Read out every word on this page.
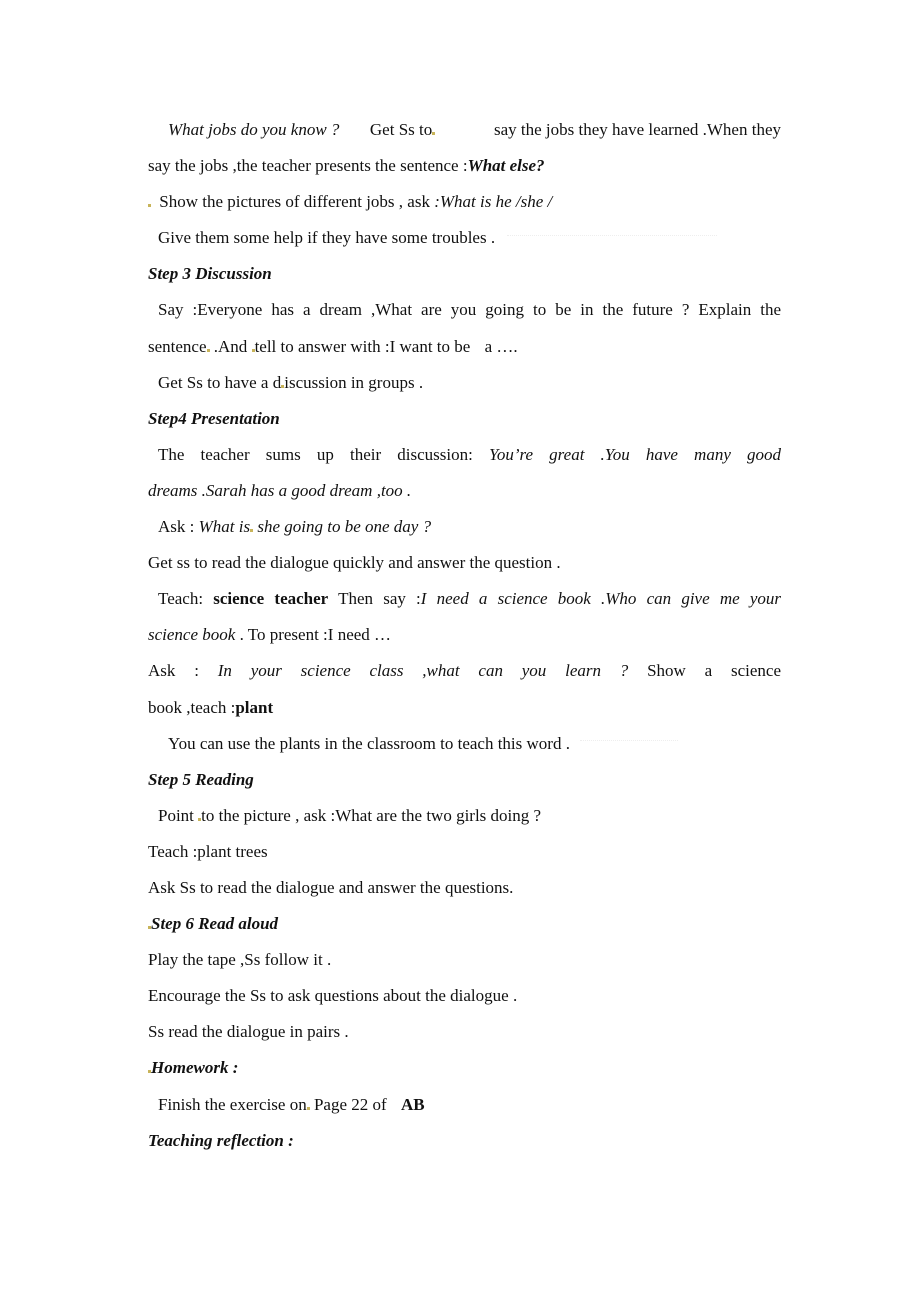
What jobs do you know ? Get Ss to	say the jobs they have learned .When they
say the jobs ,the teacher presents the sentence :What else?
Show the pictures of different jobs , ask :What is he /she /
Give them some help if they have some troubles .
Step 3 Discussion
Say :Everyone has a dream ,What are you going to be in the future ? Explain the
sentence .And tell to answer with :I want to be a ….
Get Ss to have a d iscussion in groups .
Step4 Presentation
The teacher sums up their discussion: You’re great .You have many good
dreams .Sarah has a good dream ,too .
Ask : What is she going to be one day ?
Get ss to read the dialogue quickly and answer the question .
Teach: science teacher Then say :I need a science book .Who can give me your
science book . To present :I need …
Ask : In your science class ,what can you learn ? Show a science
book ,teach :plant
You can use the plants in the classroom to teach this word .
Step 5 Reading
Point to the picture , ask :What are the two girls doing ?
Teach :plant trees
Ask Ss to read the dialogue and answer the questions.
Step 6 Read aloud
Play the tape ,Ss follow it .
Encourage the Ss to ask questions about the dialogue .
Ss read the dialogue in pairs .
Homework :
Finish the exercise on Page 22 of AB
Teaching reflection :
